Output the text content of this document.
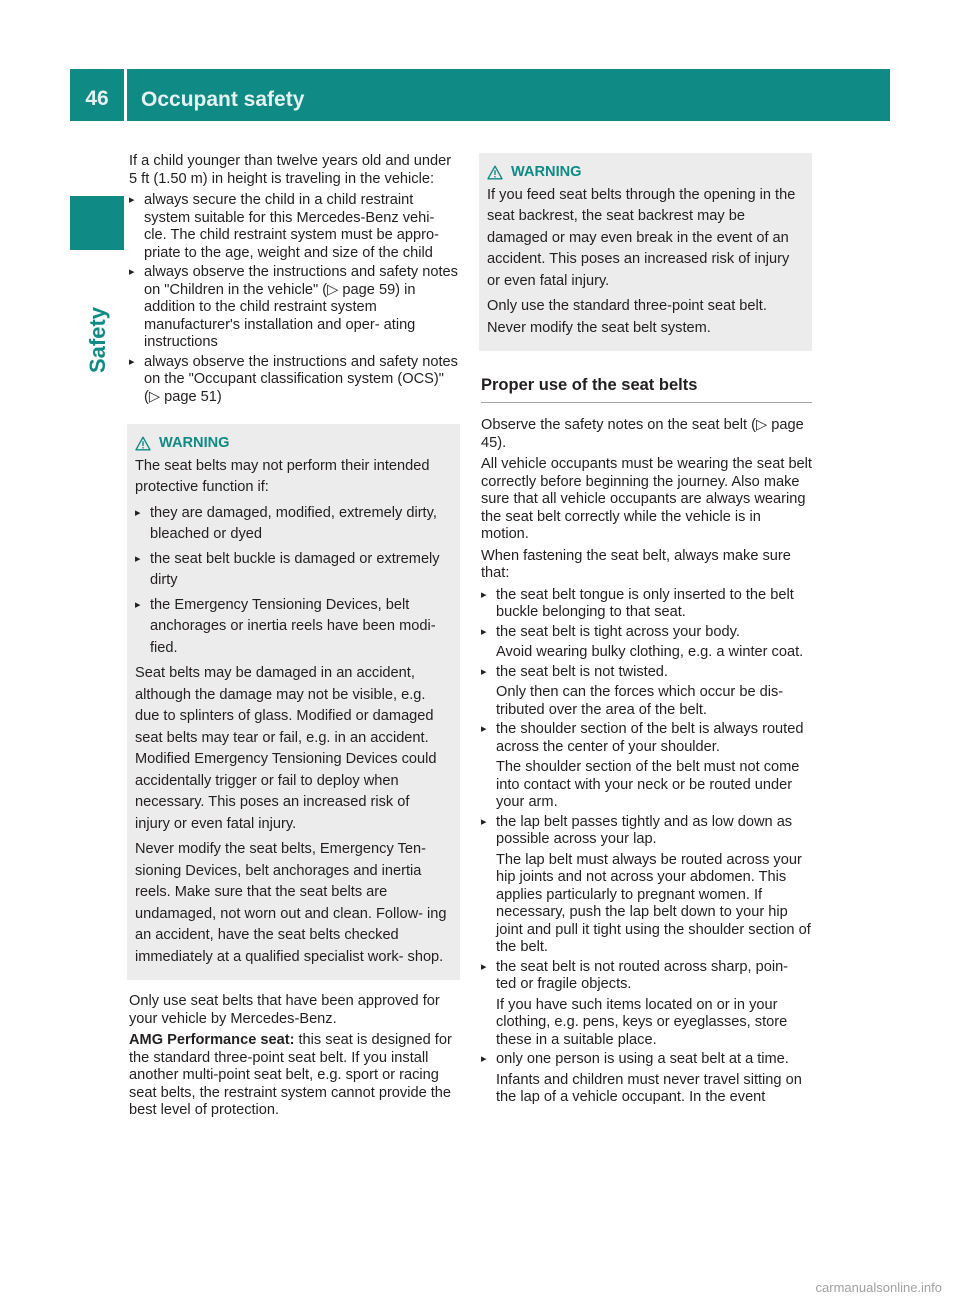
46	Occupant safety
Safety

If a child younger than twelve years old and under 5 ft (1.50 m) in height is traveling in the vehicle:

▸ always secure the child in a child restraint system suitable for this Mercedes-Benz vehi- cle. The child restraint system must be appro- priate to the age, weight and size of the child
▸ always observe the instructions and safety notes on "Children in the vehicle" (▷ page 59) in addition to the child restraint system manufacturer's installation and oper- ating instructions
▸ always observe the instructions and safety notes on the "Occupant classification system (OCS)" (▷ page 51)
WARNING

The seat belts may not perform their intended protective function if:

▸ they are damaged, modified, extremely dirty, bleached or dyed
▸ the seat belt buckle is damaged or extremely dirty
▸ the Emergency Tensioning Devices, belt anchorages or inertia reels have been modi- fied.

Seat belts may be damaged in an accident, although the damage may not be visible, e.g. due to splinters of glass. Modified or damaged seat belts may tear or fail, e.g. in an accident. Modified Emergency Tensioning Devices could accidentally trigger or fail to deploy when necessary. This poses an increased risk of injury or even fatal injury.

Never modify the seat belts, Emergency Ten- sioning Devices, belt anchorages and inertia reels. Make sure that the seat belts are undamaged, not worn out and clean. Follow- ing an accident, have the seat belts checked immediately at a qualified specialist work- shop.

Only use seat belts that have been approved for your vehicle by Mercedes-Benz.

AMG Performance seat: this seat is designed for the standard three-point seat belt. If you install another multi-point seat belt, e.g. sport or racing seat belts, the restraint system cannot provide the best level of protection.

WARNING

If you feed seat belts through the opening in the seat backrest, the seat backrest may be damaged or may even break in the event of an accident. This poses an increased risk of injury or even fatal injury.

Only use the standard three-point seat belt. Never modify the seat belt system.

Proper use of the seat belts

Observe the safety notes on the seat belt (▷ page 45).

All vehicle occupants must be wearing the seat belt correctly before beginning the journey. Also make sure that all vehicle occupants are always wearing the seat belt correctly while the vehicle is in motion.

When fastening the seat belt, always make sure that:

▸ the seat belt tongue is only inserted to the belt buckle belonging to that seat.
▸ the seat belt is tight across your body.
Avoid wearing bulky clothing, e.g. a winter coat.
▸ the seat belt is not twisted.
Only then can the forces which occur be dis- tributed over the area of the belt.
▸ the shoulder section of the belt is always routed across the center of your shoulder.
The shoulder section of the belt must not come into contact with your neck or be routed under your arm.
▸ the lap belt passes tightly and as low down as possible across your lap.
The lap belt must always be routed across your hip joints and not across your abdomen. This applies particularly to pregnant women. If necessary, push the lap belt down to your hip joint and pull it tight using the shoulder section of the belt.
▸ the seat belt is not routed across sharp, poin- ted or fragile objects.
If you have such items located on or in your clothing, e.g. pens, keys or eyeglasses, store these in a suitable place.
▸ only one person is using a seat belt at a time.
Infants and children must never travel sitting on the lap of a vehicle occupant. In the event
carmanualsonline.info
